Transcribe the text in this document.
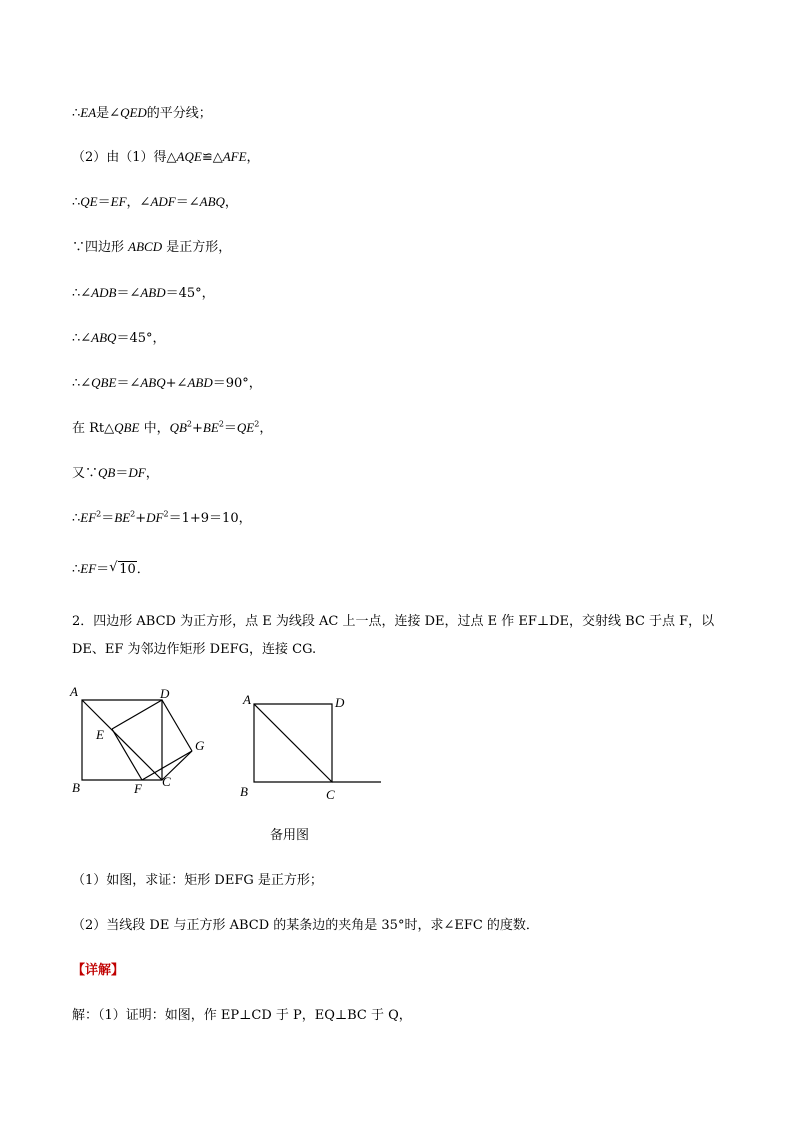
∴EA是∠QED的平分线；
（2）由（1）得△AQE≌△AFE，
∴QE＝EF，∠ADF＝∠ABQ，
∵四边形 ABCD 是正方形，
∴∠ADB＝∠ABD＝45°，
∴∠ABQ＝45°，
∴∠QBE＝∠ABQ+∠ABD＝90°，
在 Rt△QBE 中，$QB^2+BE^2=QE^2$，
又∵QB＝DF，
$\therefore EF^2=BE^2+DF^2=1+9=10$，
∴EF＝ √ 10．
2．四边形 ABCD 为正方形，点 E 为线段 AC 上一点，连接 DE，过点 E 作 EF⊥DE，交射线 BC 于点 F，以 DE、EF 为邻边作矩形 DEFG，连接 CG.
A	D
E
G
B	F C
A	D
B	C
备用图
（1）如图，求证：矩形 DEFG 是正方形；
（2）当线段 DE 与正方形 ABCD 的某条边的夹角是 35°时，求∠EFC 的度数．
【详解】
解：（1）证明：如图，作 EP⊥CD 于 P，EQ⊥BC 于 Q，
